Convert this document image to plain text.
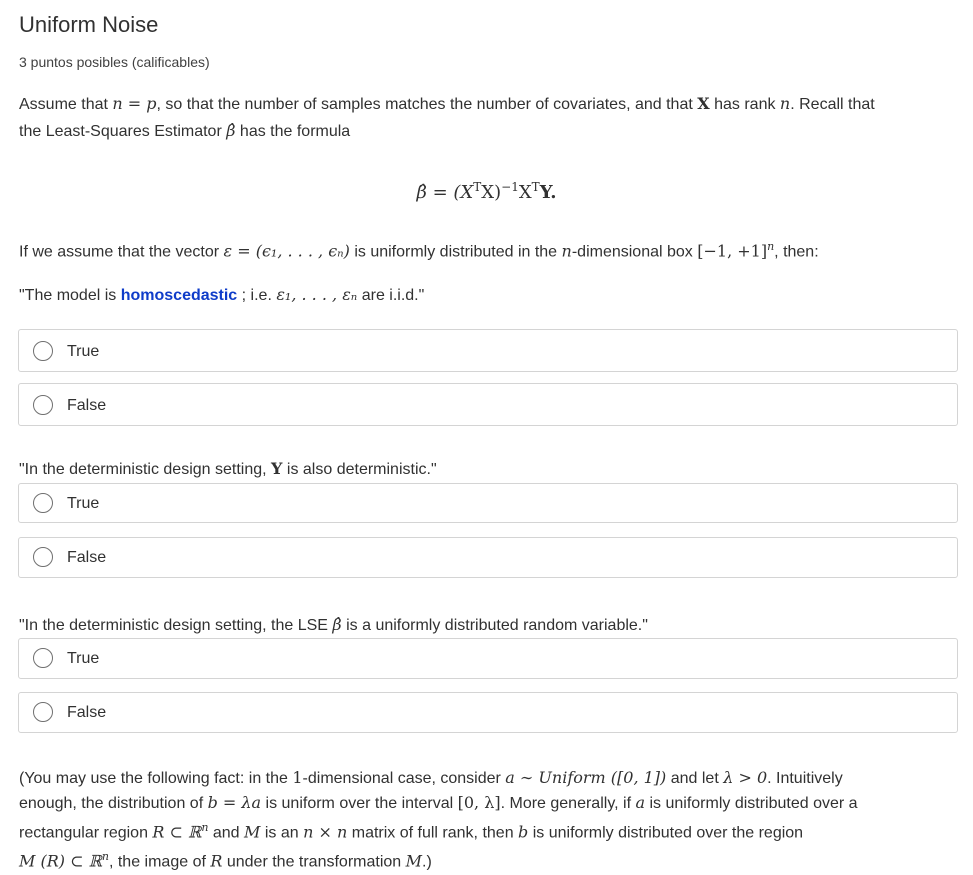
Uniform Noise
3 puntos posibles (calificables)
Assume that n = p, so that the number of samples matches the number of covariates, and that X has rank n. Recall that
the Least-Squares Estimator β̂ has the formula
β̂ = $(X^TX)^{-1}X^TY$.
If we assume that the vector ε = (ϵ₁, . . . , ϵₙ) is uniformly distributed in the n-dimensional box [−1, +1]$^n$, then:
"The model is homoscedastic ; i.e. ε₁, . . . , εₙ are i.i.d."
True
False
"In the deterministic design setting, Y is also deterministic."
True
False
"In the deterministic design setting, the LSE β̂ is a uniformly distributed random variable."
True
False
(You may use the following fact: in the 1-dimensional case, consider a ∼ Uniform ([0, 1]) and let λ > 0. Intuitively
enough, the distribution of b = λa is uniform over the interval [0, λ]. More generally, if a is uniformly distributed over a
rectangular region R ⊂ ℝ$^n$ and M is an n × n matrix of full rank, then b is uniformly distributed over the region
M (R) ⊂ ℝ$^n$, the image of R under the transformation M.)
